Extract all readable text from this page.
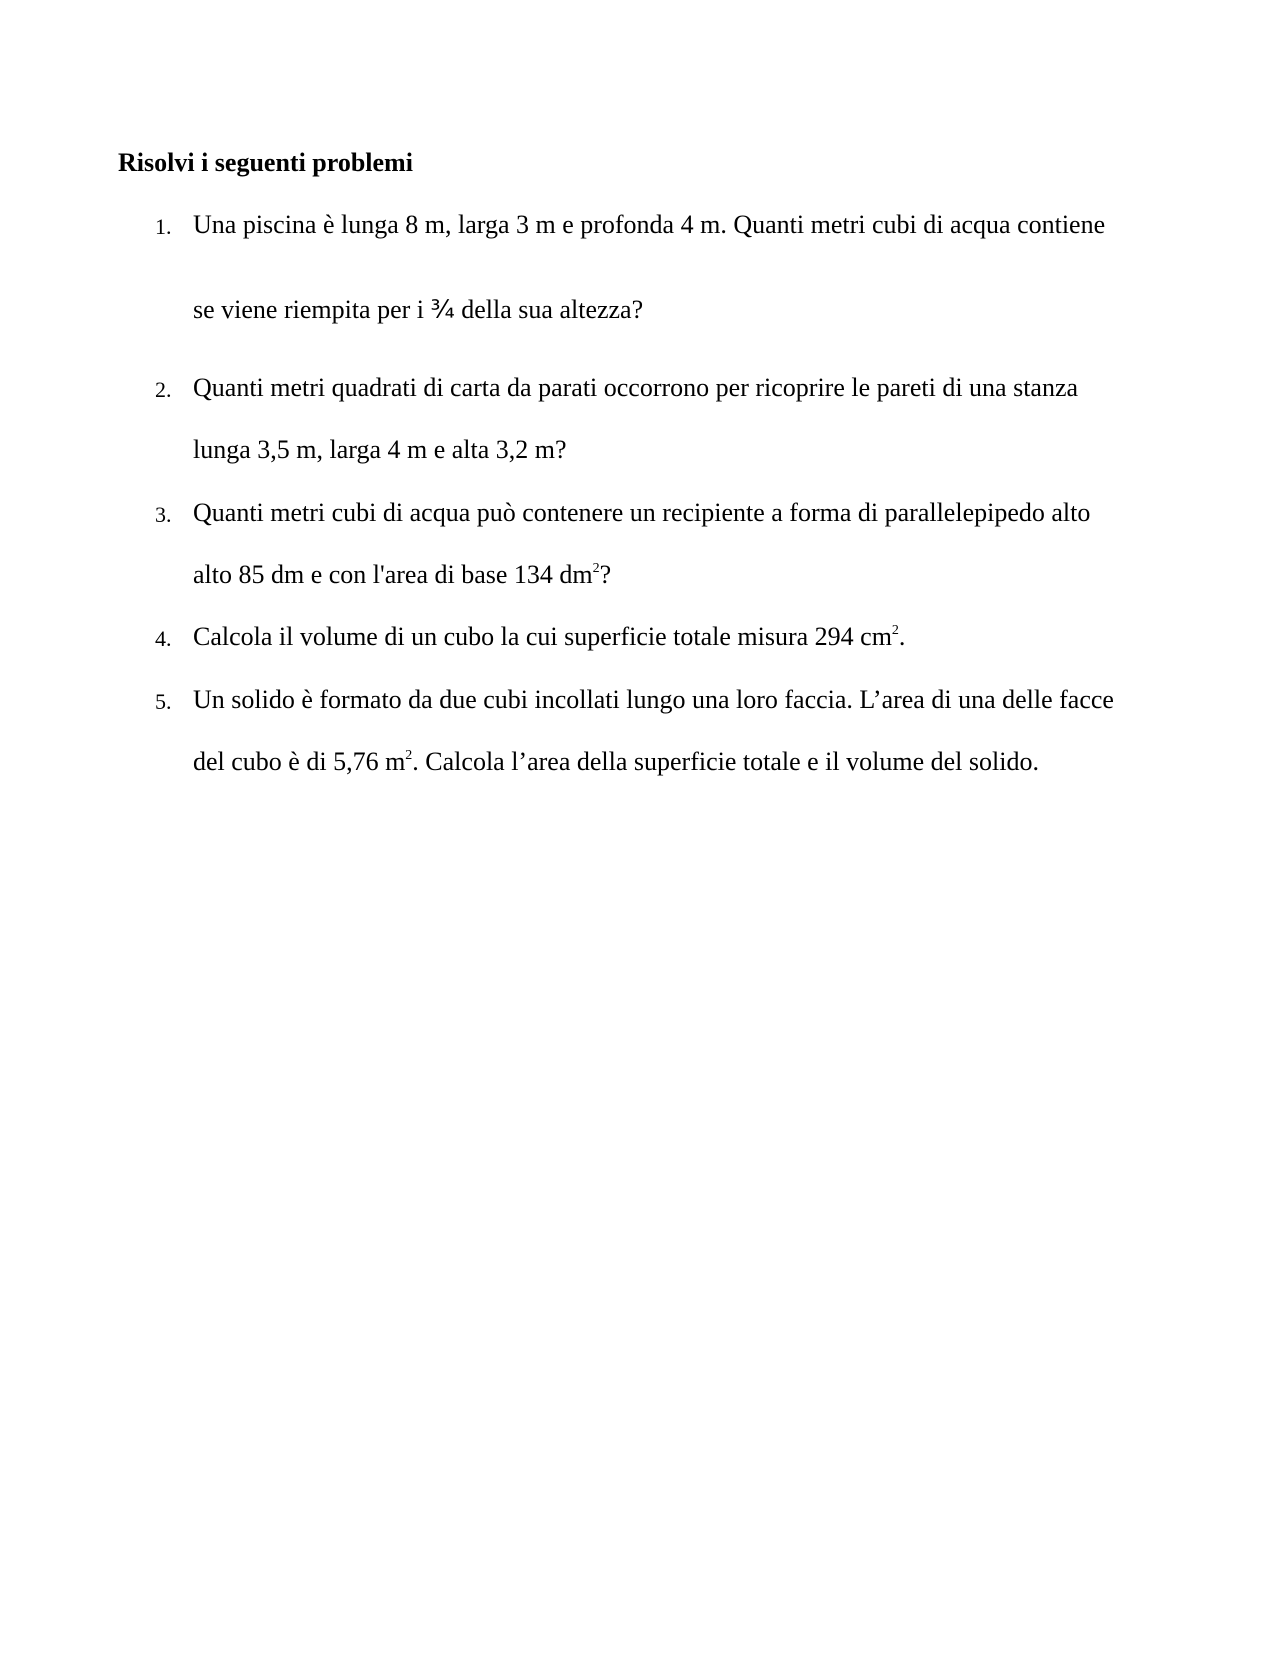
Risolvi i seguenti problemi
1. Una piscina è lunga 8 m, larga 3 m e profonda 4 m. Quanti metri cubi di acqua contiene
se viene riempita per i ¾ della sua altezza?
2. Quanti metri quadrati di carta da parati occorrono per ricoprire le pareti di una stanza
lunga 3,5 m, larga 4 m e alta 3,2 m?
3. Quanti metri cubi di acqua può contenere un recipiente a forma di parallelepipedo alto
alto 85 dm e con l'area di base 134 $dm^2$?
4. Calcola il volume di un cubo la cui superficie totale misura 294 $cm^2$.
5. Un solido è formato da due cubi incollati lungo una loro faccia. L’area di una delle facce
del cubo è di 5,76 $m^2$. Calcola l’area della superficie totale e il volume del solido.
